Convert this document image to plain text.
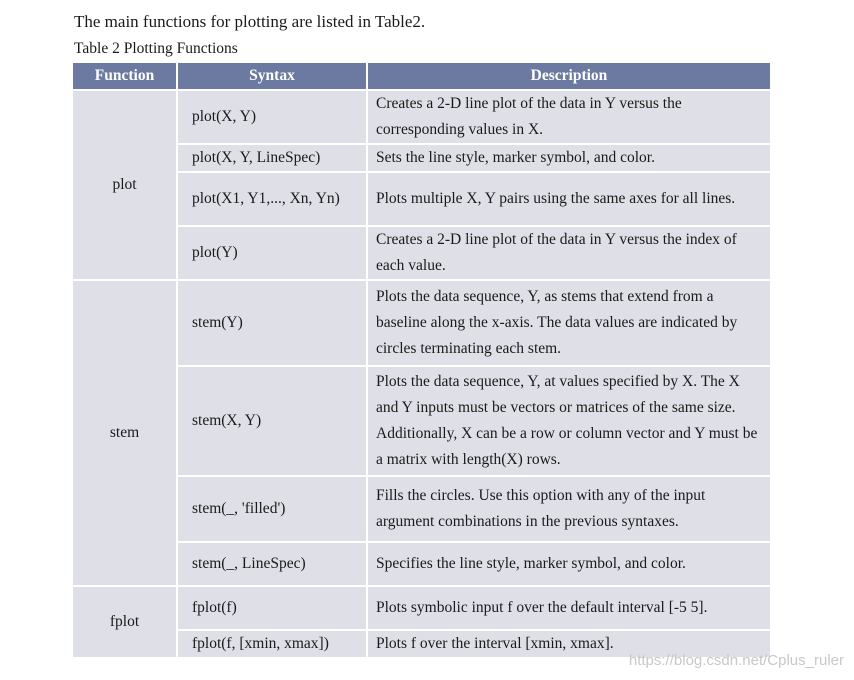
The main functions for plotting are listed in Table2.
Table 2 Plotting Functions
Function	Syntax	Description
plot	plot(X, Y)	Creates a 2-D line plot of the data in Y versus the corresponding values in X.
	plot(X, Y, LineSpec)	Sets the line style, marker symbol, and color.
	plot(X1, Y1,..., Xn, Yn)	Plots multiple X, Y pairs using the same axes for all lines.
	plot(Y)	Creates a 2-D line plot of the data in Y versus the index of each value.
stem	stem(Y)	Plots the data sequence, Y, as stems that extend from a baseline along the x-axis. The data values are indicated by circles terminating each stem.
	stem(X, Y)	Plots the data sequence, Y, at values specified by X. The X and Y inputs must be vectors or matrices of the same size. Additionally, X can be a row or column vector and Y must be a matrix with length(X) rows.
	stem(_, 'filled')	Fills the circles. Use this option with any of the input argument combinations in the previous syntaxes.
	stem(_, LineSpec)	Specifies the line style, marker symbol, and color.
fplot	fplot(f)	Plots symbolic input f over the default interval [-5 5].
	fplot(f, [xmin, xmax])	Plots f over the interval [xmin, xmax].
https://blog.csdn.net/Cplus_ruler
